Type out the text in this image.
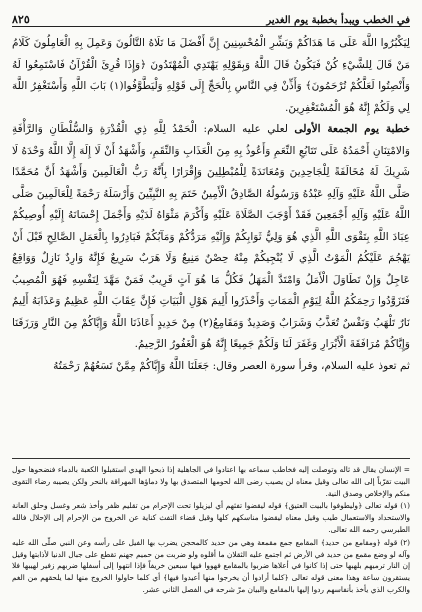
في الخطب ويبدأ بخطبة يوم الغدير
٨٢٥

لِيَكْبُرُوا اللَّهَ عَلَى مَا هَدَاكُمْ وَبَشِّرِ الْمُحْسِنِينَ إِنَّ أَفْضَلَ مَا تَلَاهُ التَّالُونَ وَعَمِلَ بِهِ الْعَامِلُونَ كَلَامُ مَنْ قَالَ لِلشَّيْءِ كُنْ فَيَكُونُ قَالَ اللَّهُ وَبِقَوْلِهِ يَهْتَدِي الْمُهْتَدُونَ ﴿وَإِذَا قُرِئَ الْقُرْآنُ فَاسْتَمِعُوا لَهُ وَأَنْصِتُوا لَعَلَّكُمْ تُرْحَمُونَ﴾ وَأَذِّنْ فِي النَّاسِ بِالْحَجِّ إِلَى قَوْلِهِ وَلْيَطَّوَّفُوا(١) بَابَ اللَّهِ وَأَسْتَغْفِرُ اللَّهَ لِي وَلَكُمْ إِنَّهُ هُوَ الْمُسْتَغْفِرِينَ.

خطبة يوم الجمعة الأولى لعلي عليه السلام: الْحَمْدُ لِلَّهِ ذِي الْقُدْرَةِ وَالسُّلْطَانِ وَالرَّأْفَةِ وَالامْتِنَانِ أَحْمَدُهُ عَلَى تَتَابُعِ النِّعَمِ وَأَعُوذُ بِهِ مِنَ الْعَذَابِ وَالنِّقَمِ، وَأَشْهَدُ أَنْ لَا إِلَهَ إِلَّا اللَّهُ وَحْدَهُ لَا شَرِيكَ لَهُ مُخَالَفَةً لِلْجَاحِدِينَ وَمُعَانَدَةً لِلْمُبْطِلِينَ وَإِقْرَارًا بِأَنَّهُ رَبُّ الْعَالَمِينَ وَأَشْهَدُ أَنَّ مُحَمَّدًا صَلَّى اللَّهُ عَلَيْهِ وَآلِهِ عَبْدُهُ وَرَسُولُهُ الصَّادِقُ الْأَمِينُ خَتَمَ بِهِ النَّبِيِّينَ وَأَرْسَلَهُ رَحْمَةً لِلْعَالَمِينَ صَلَّى اللَّهُ عَلَيْهِ وَآلِهِ أَجْمَعِينَ فَقَدْ أَوْجَبَ الصَّلَاةَ عَلَيْهِ وَأَكْرَمَ مَثْوَاهُ لَدَيْهِ وَأَجْمَلَ إِحْسَانَهُ إِلَيْهِ أُوصِيكُمْ عِبَادَ اللَّهِ بِتَقْوَى اللَّهِ الَّذِي هُوَ وَلِيُّ ثَوَابِكُمْ وَإِلَيْهِ مَرَدُّكُمْ وَمَآبُكُمْ فَبَادِرُوا بِالْعَمَلِ الصَّالِحِ قَبْلَ أَنْ يَهْجُمَ عَلَيْكُمُ الْمَوْتُ الَّذِي لَا يُنْجِيكُمْ مِنْهُ حِصْنٌ مَنِيعٌ وَلَا هَرَبٌ سَرِيعٌ فَإِنَّهُ وَارِدٌ نَازِلٌ وَوَاقِعٌ عَاجِلٌ وَإِنْ تَطَاوَلَ الْأَمَلُ وَامْتَدَّ الْمَهَلُ فَكُلُّ مَا هُوَ آتٍ قَرِيبٌ فَمَنْ مَهَّدَ لِنَفْسِهِ فَهُوَ الْمُصِيبُ فَتَزَوَّدُوا رَحِمَكُمُ اللَّهُ لِيَوْمِ الْمَمَاتِ وَأَحْذَرُوا أَلِيمَ هَوْلِ الْبَيَاتِ فَإِنَّ عِقَابَ اللَّهِ عَظِيمٌ وَعَذَابَهُ أَلِيمٌ نَارٌ تَلْهَبُ وَنَفْسٌ تُعَذَّبُ وَشَرَابٌ وَصَدِيدٌ وَمَقَامِعُ(٢) مِنْ حَدِيدٍ أَعَاذَنَا اللَّهُ وَإِيَّاكُمْ مِنَ النَّارِ وَرَزَقَنَا وَإِيَّاكُمْ مُرَافَقَةَ الْأَبْرَارِ وَغَفَرَ لَنَا وَلَكُمْ جَمِيعًا إِنَّهُ هُوَ الْغَفُورُ الرَّحِيمُ.

ثم تعوذ عليه السلام، وقرأ سورة العصر وقال: جَعَلَنَا اللَّهُ وَإِيَّاكُمْ مِمَّنْ تَسَعُهُمْ رَحْمَتُهُ

= الإنسان يقال قد ثاله وتوصلت إليه فخاطب سماعه بها اعتادوا في الجاهلية إذا ذبحوا الهدي استقبلوا الكعبة بالدماء فنضحوها حول البيت تقرّباً إلى الله تعالى وقيل معناه لن يصيب رضى الله لحومها المتصدق بها ولا دماؤها المهراقة بالنحر ولكن يصيبه رضاء التقوى منكم والإخلاص وصدق النية.

(١) قوله تعالى ﴿وليطوفوا بالبيت العتيق﴾ قوله ليقضوا تفثهم أي ليزيلوا تحت الإحرام من تقليم ظفر وأخذ شعر وغسل وحلق العانة والاستحداد والاستعمال طيب وقيل معناه ليقضوا مناسكهم كلها وقيل قضاء التفث كناية عن الخروج من الإحرام إلى الإحلال فالله الطبرسي رحمه الله تعالى.

(٢) قوله ﴿ومقامع من حديد﴾ المقامع جمع مقمعة وهي من حديد كالمحجن يضرب بها الفيل على رأسه وعن النبي صلّى الله عليه وآله لو وضع مقمع من حديد في الأرض ثم اجتمع عليه الثقلان ما أقلوه ولو ضربت من حميم جهنم تقطع على جبال الدنيا لأذابتها وقيل إن النار ترميهم بلهبها حتى إذا كانوا في أعلاها ضربوا بالمقامع فهووا فيها سبعين خريفاً فإذا انتهوا إلى أسفلها ضربهم زفير لهيبها فلا يستقرون ساعة وهذا معنى قوله تعالى ﴿كلما أرادوا أن يخرجوا منها أعيدوا فيها﴾ أي كلما حاولوا الخروج منها لما يلحقهم من الغم والكرب الذي يأخذ بأنفاسهم ردوا إليها بالمقامع والبيان مرّ شرحه في الفصل الثاني عشر.
